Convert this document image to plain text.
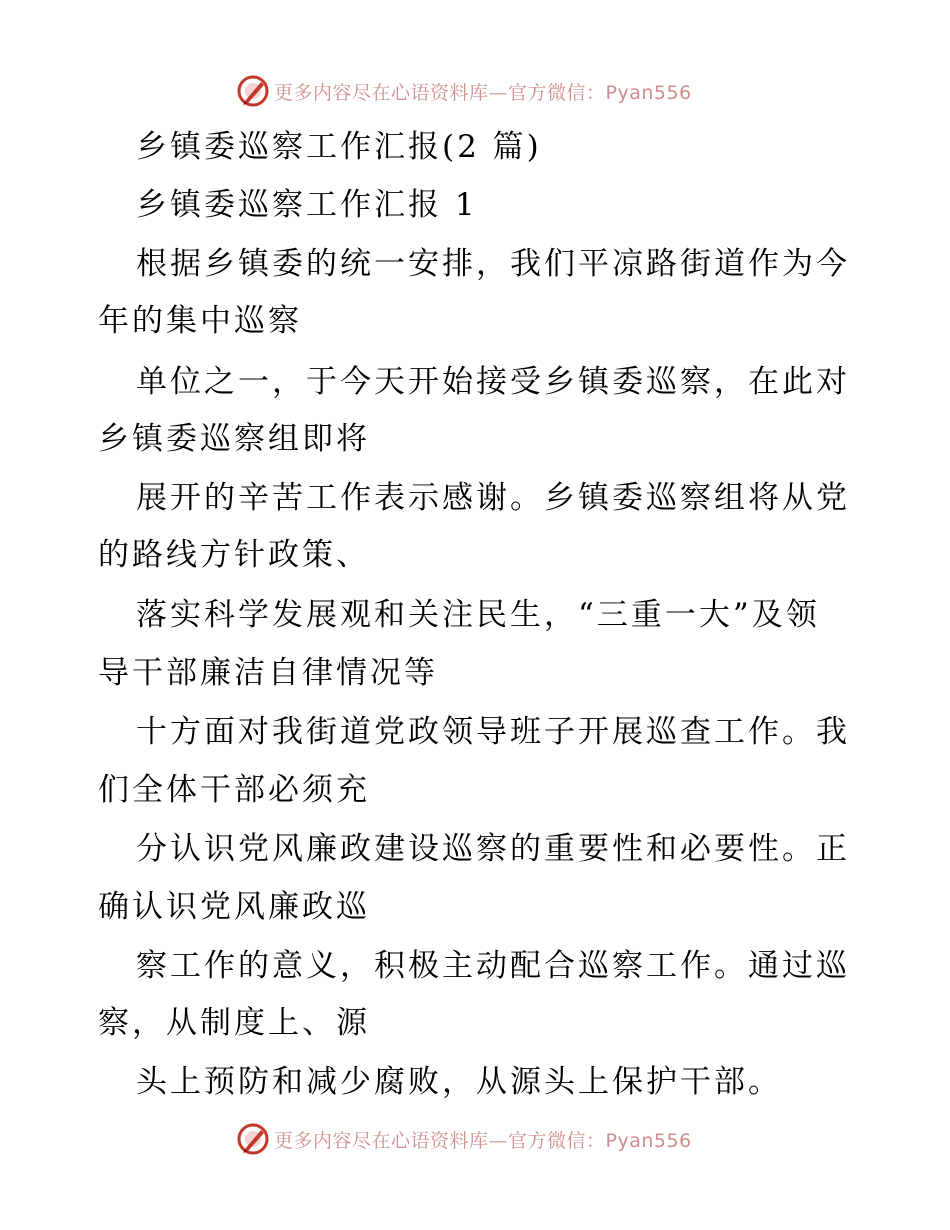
更多内容尽在心语资料库—官方微信：Pyan556

乡镇委巡察工作汇报(2 篇)

乡镇委巡察工作汇报 1

根据乡镇委的统一安排，我们平凉路街道作为今

年的集中巡察

单位之一，于今天开始接受乡镇委巡察，在此对

乡镇委巡察组即将

展开的辛苦工作表示感谢。乡镇委巡察组将从党

的路线方针政策、

落实科学发展观和关注民生，“三重一大”及领

导干部廉洁自律情况等

十方面对我街道党政领导班子开展巡查工作。我

们全体干部必须充

分认识党风廉政建设巡察的重要性和必要性。正

确认识党风廉政巡

察工作的意义，积极主动配合巡察工作。通过巡

察，从制度上、源

头上预防和减少腐败，从源头上保护干部。

更多内容尽在心语资料库—官方微信：Pyan556
